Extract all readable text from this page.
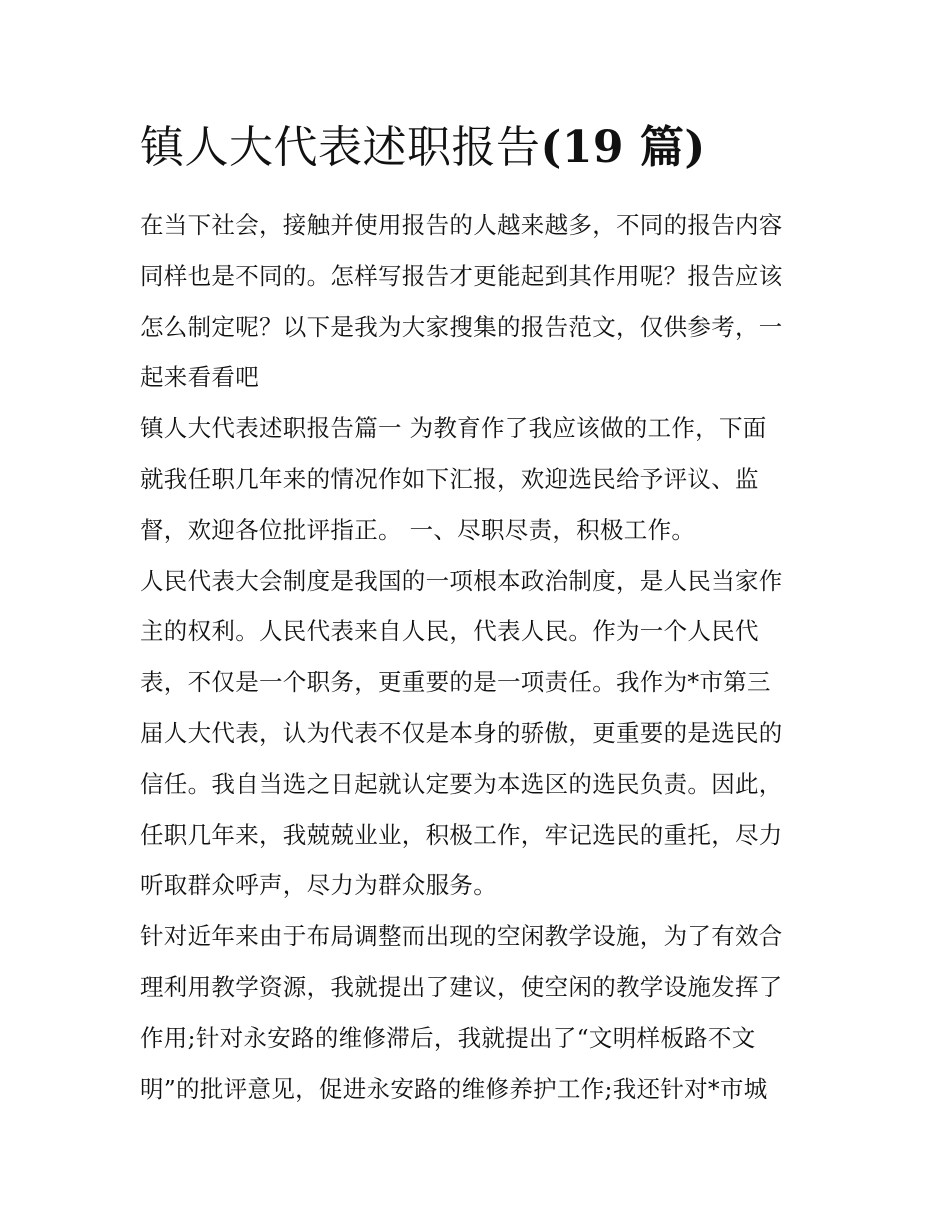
镇人大代表述职报告(19 篇)
在当下社会，接触并使用报告的人越来越多，不同的报告内容
同样也是不同的。怎样写报告才更能起到其作用呢？报告应该
怎么制定呢？以下是我为大家搜集的报告范文，仅供参考，一
起来看看吧
镇人大代表述职报告篇一 为教育作了我应该做的工作，下面
就我任职几年来的情况作如下汇报，欢迎选民给予评议、监
督，欢迎各位批评指正。 一、尽职尽责，积极工作。
人民代表大会制度是我国的一项根本政治制度，是人民当家作
主的权利。人民代表来自人民，代表人民。作为一个人民代
表，不仅是一个职务，更重要的是一项责任。我作为*市第三
届人大代表，认为代表不仅是本身的骄傲，更重要的是选民的
信任。我自当选之日起就认定要为本选区的选民负责。因此，
任职几年来，我兢兢业业，积极工作，牢记选民的重托，尽力
听取群众呼声，尽力为群众服务。
针对近年来由于布局调整而出现的空闲教学设施，为了有效合
理利用教学资源，我就提出了建议，使空闲的教学设施发挥了
作用;针对永安路的维修滞后，我就提出了“文明样板路不文
明”的批评意见，促进永安路的维修养护工作;我还针对*市城
